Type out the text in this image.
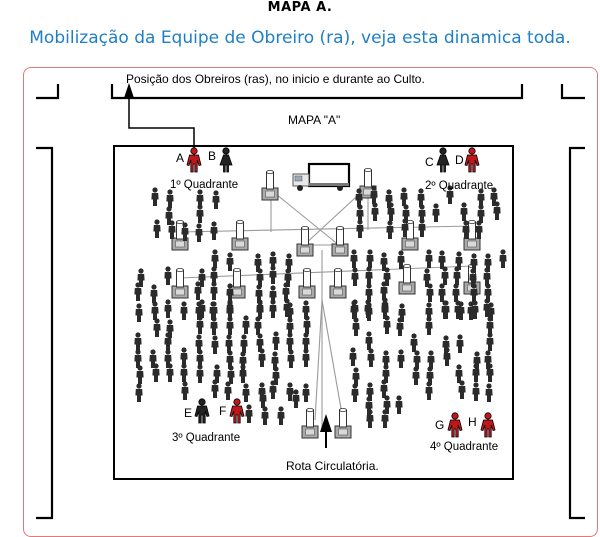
MAPA A.
Mobilização da Equipe de Obreiro (ra), veja esta dinamica toda.
Posição dos Obreiros (ras), no inicio e durante ao Culto.
MAPA "A"
A B
1º Quadrante
C D
2º Quadrante
E F
3º Quadrante
G H
4º Quadrante
Rota Circulatória.
